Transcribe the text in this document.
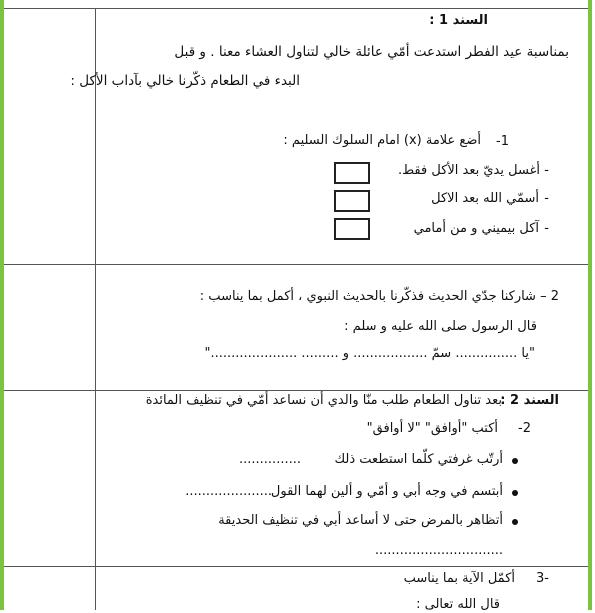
السند 1 :
بمناسبة عيد الفطر استدعت أمّي عائلة خالي لتناول العشاء معنا . و قبل
البدء في الطعام ذكّرنا خالي بآداب الأكل :
1-
أضع علامة (x) امام السلوك السليم :
أغسل يديّ بعد الأكل فقط. -
أسمّي الله بعد الاكل -
آكل بيميني و من أمامي -
2 – شاركنا جدّي الحديث فذكّرنا بالحديث النبوي ، أكمل بما يناسب :
قال الرسول صلى الله عليه و سلم :
"يا ............... سمّ .................. و ......... ....................."
السند 2 :
بعد تناول الطعام طلب منّا والدي أن نساعد أمّي في تنظيف المائدة
2-
أكتب "أوافق" "لا أوافق"
أرتّب غرفتي كلّما استطعت ذلك
...............
أبتسم في وجه أبي و أمّي و ألين لهما القول
.....................
أتظاهر بالمرض حتى لا أساعد أبي في تنظيف الحديقة
...............................
-3
أكمّل الآية بما يناسب
قال الله تعالى :
